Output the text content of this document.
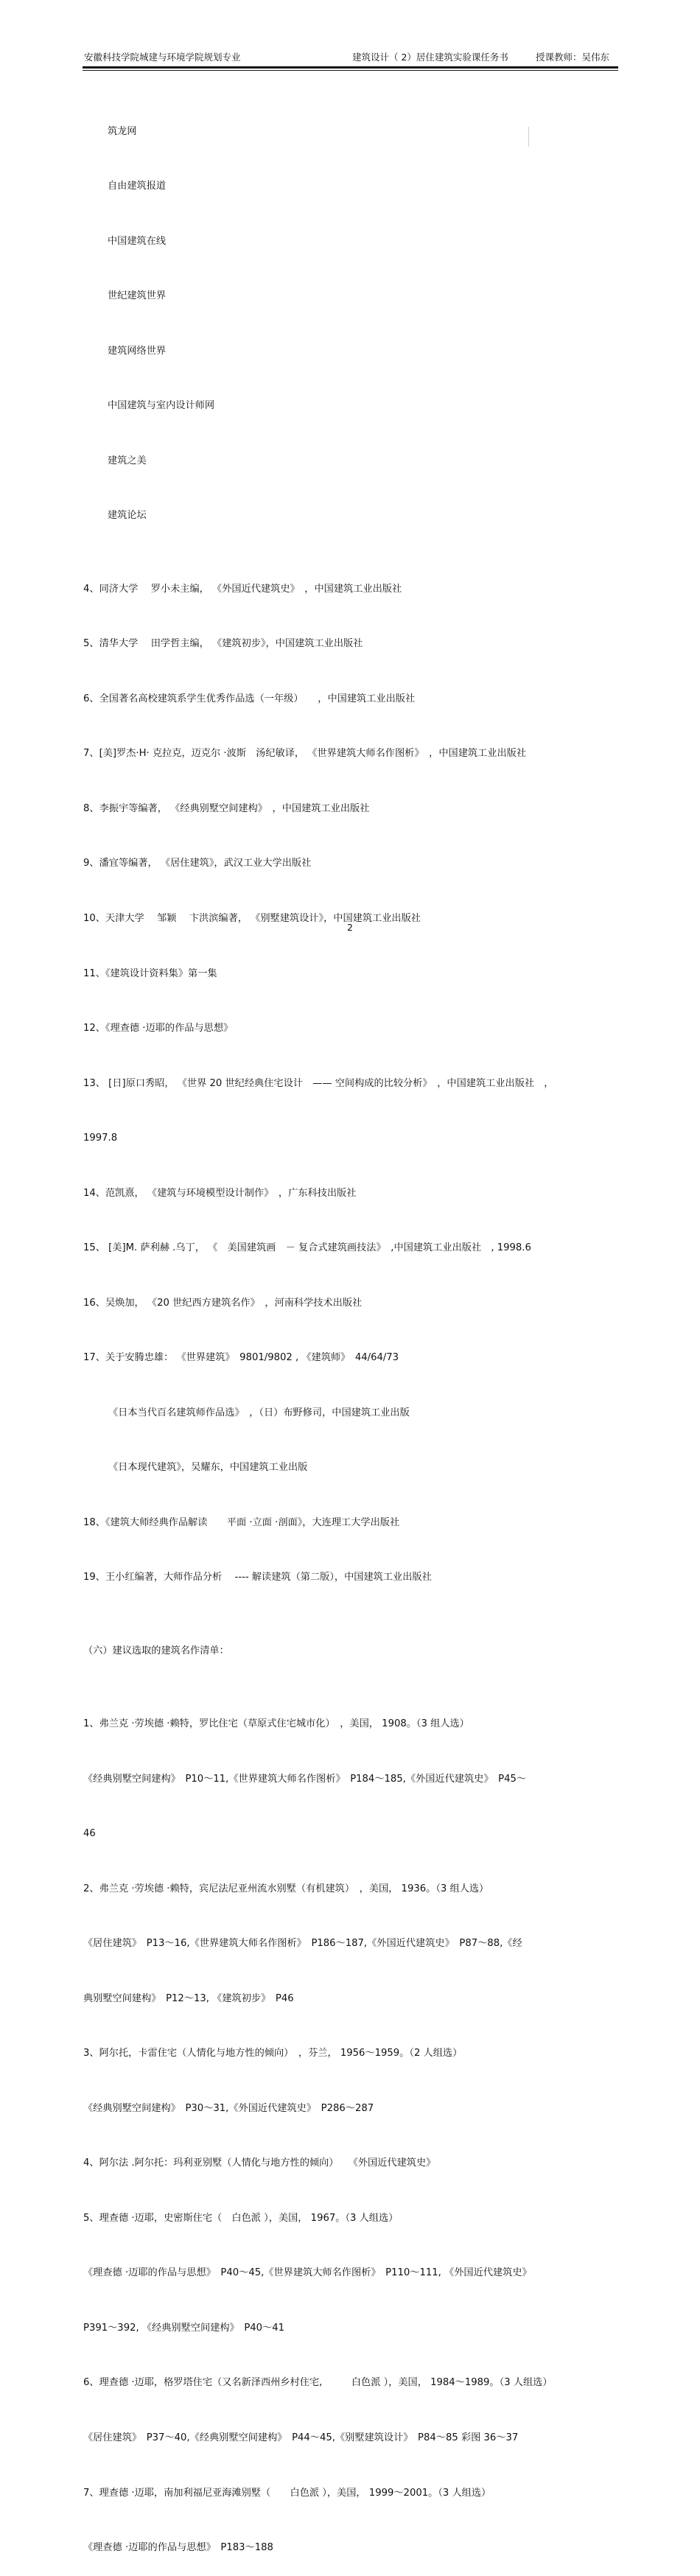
安徽科技学院城建与环境学院规划专业	建筑设计（ 2）居住建筑实验课任务书	授课教师：吴伟东

筑龙网

自由建筑报道

中国建筑在线

世纪建筑世界

建筑网络世界

中国建筑与室内设计师网

建筑之美

建筑论坛

4、同济大学　 罗小未主编， 《外国近代建筑史》　，中国建筑工业出版社

5、清华大学　 田学哲主编， 《建筑初步》，中国建筑工业出版社

6、全国著名高校建筑系学生优秀作品选（一年级）　　，中国建筑工业出版社

7、[美]罗杰·H· 克拉克，迈克尔 ·波斯　汤纪敏译， 《世界建筑大师名作图析》　，中国建筑工业出版社

8、李振宇等编著， 《经典别墅空间建构》　，中国建筑工业出版社

9、潘宜等编著， 《居住建筑》，武汉工业大学出版社

10、天津大学　 邹颖　 卞洪滨编著， 《别墅建筑设计》，中国建筑工业出版社

11、《建筑设计资料集》第一集

12、《理查德 ·迈耶的作品与思想》

13、 [日]原口秀昭， 《世界 20 世纪经典住宅设计　—— 空间构成的比较分析》　，中国建筑工业出版社　，

1997.8

14、范凯熹， 《建筑与环境模型设计制作》　，广东科技出版社

15、 [美]M. 萨利赫 .乌丁， 《　美国建筑画　－ 复合式建筑画技法》　,中国建筑工业出版社　, 1998.6

16、吴焕加， 《20 世纪西方建筑名作》　，河南科学技术出版社

17、关于安腾忠雄： 《世界建筑》　9801/9802 , 《建筑师》　44/64/73

《日本当代百名建筑师作品选》　，（日）布野修司，中国建筑工业出版

《日本现代建筑》，吴耀东，中国建筑工业出版

18、《建筑大师经典作品解读　　平面 ·立面 ·剖面》，大连理工大学出版社

19、王小红编著，大师作品分析　 ---- 解读建筑（第二版），中国建筑工业出版社

（六）建议选取的建筑名作清单：

1、弗兰克 ·劳埃德 ·赖特，罗比住宅（草原式住宅城市化）　，美国， 1908。（3 组人选）

《经典别墅空间建构》　P10～11,《世界建筑大师名作图析》　P184～185,《外国近代建筑史》　P45～

46

2、弗兰克 ·劳埃德 ·赖特，宾尼法尼亚州流水别墅（有机建筑）　，美国， 1936。（3 组人选）

《居住建筑》　P13～16,《世界建筑大师名作图析》　P186～187,《外国近代建筑史》　P87～88,《经

典别墅空间建构》　P12～13, 《建筑初步》　P46

3、阿尔托，卡雷住宅（人情化与地方性的倾向）　，芬兰， 1956～1959。（2 人组选）

《经典别墅空间建构》　P30～31,《外国近代建筑史》　P286～287

4、阿尔法 .阿尔托：玛利亚别墅（人情化与地方性的倾向）　　《外国近代建筑史》

5、理查德 ·迈耶，史密斯住宅（　白色派 ），美国， 1967。（3 人组选）

《理查德 ·迈耶的作品与思想》　P40～45,《世界建筑大师名作图析》　P110～111, 《外国近代建筑史》

P391～392, 《经典别墅空间建构》　P40～41

6、理查德 ·迈耶，格罗塔住宅（又名新泽西州乡村住宅,　　　白色派 ），美国， 1984～1989。（3 人组选）

《居住建筑》　P37～40,《经典别墅空间建构》　P44～45,《别墅建筑设计》　P84～85 彩图 36～37

7、理查德 ·迈耶，南加利福尼亚海滩别墅（　　白色派 ），美国， 1999～2001。（3 人组选）

《理查德 ·迈耶的作品与思想》　P183～188

2
